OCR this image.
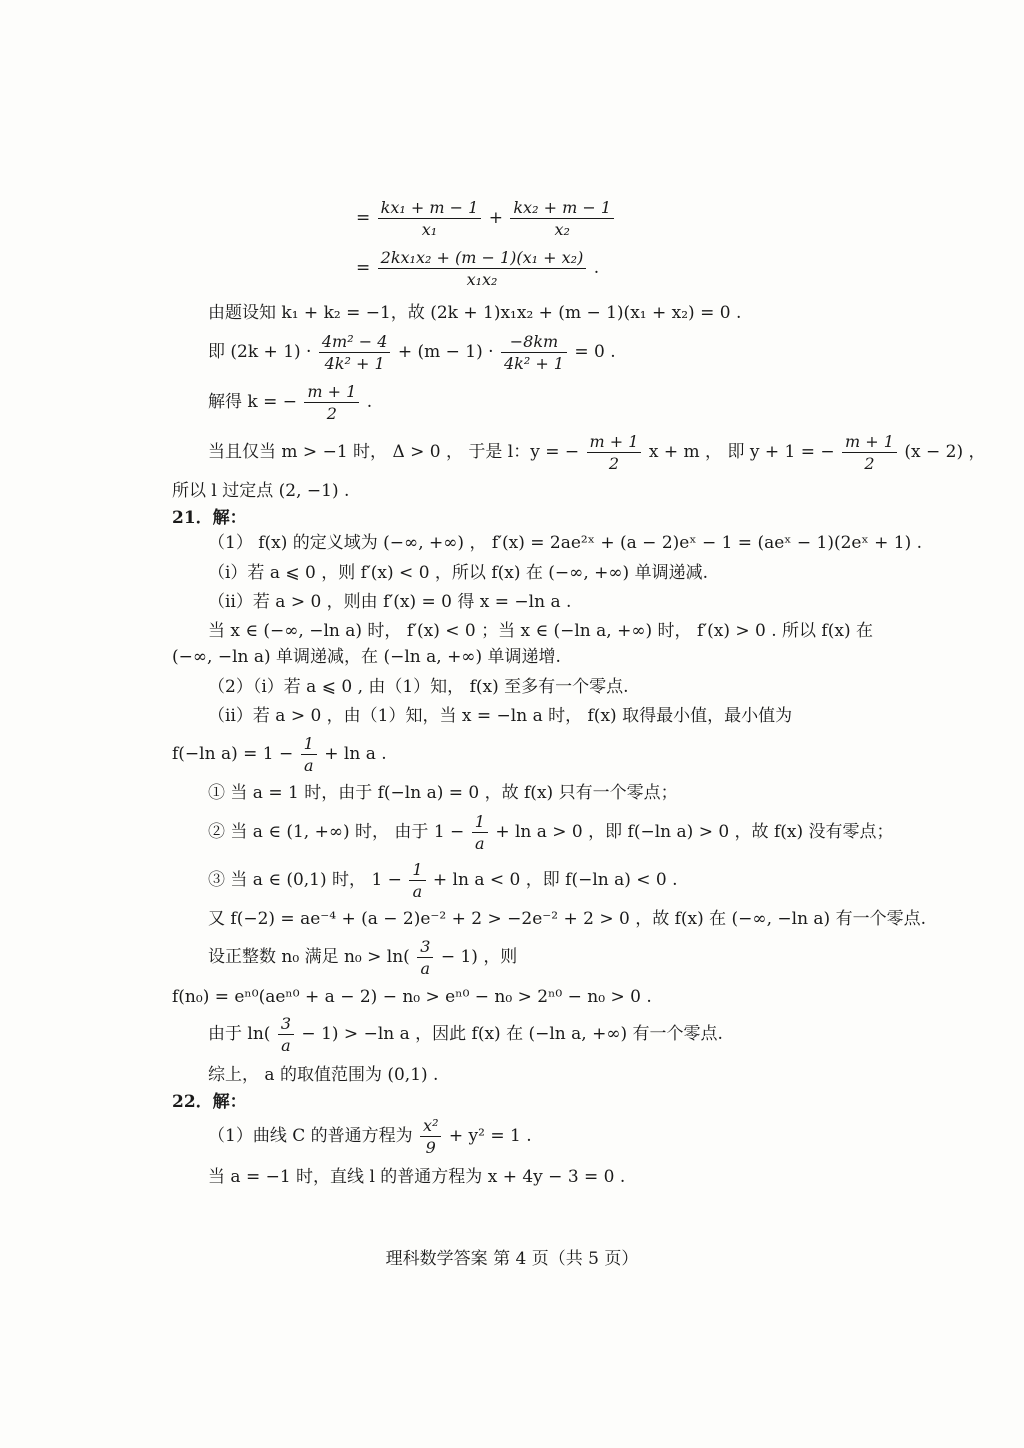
= $\frac{\text{kx₁ + m − 1}}{\text{x₁}} + \frac{\text{kx₂ + m − 1}}{\text{x₂}}$
= $\frac{\text{2kx₁x₂ + (m − 1)(x₁ + x₂)}}{\text{x₁x₂}}$ .
由题设知 k₁ + k₂ = −1，故 (2k + 1)x₁x₂ + (m − 1)(x₁ + x₂) = 0 .
即 $(2k + 1) \cdot \frac{\text{4m² − 4}}{\text{4k² + 1}} + (m - 1) \cdot \frac{-8km}{\text{4k² + 1}} = 0$ .
解得 k = − $\frac{m + 1}{2}$ .
当且仅当 m > −1 时， Δ > 0 ， 于是 l：y = − $\frac{m + 1}{2}$ x + m ， 即 y + 1 = − $\frac{m + 1}{2} (x - 2)$ ，
所以 l 过定点 (2, −1) .
21．解：
（1） f(x) 的定义域为 (−∞, +∞) ， f′(x) = 2ae²ˣ + (a − 2)eˣ − 1 = (aeˣ − 1)(2eˣ + 1) .
（ⅰ）若 a ⩽ 0 ，则 f′(x) < 0 ，所以 f(x) 在 (−∞, +∞) 单调递减.
（ⅱ）若 a > 0 ，则由 f′(x) = 0 得 x = −ln a .
当 x ∈ (−∞, −ln a) 时， f′(x) < 0 ；当 x ∈ (−ln a, +∞) 时， f′(x) > 0 . 所以 f(x) 在
(−∞, −ln a) 单调递减，在 (−ln a, +∞) 单调递增.
（2）（ⅰ）若 a ⩽ 0 , 由（1）知， f(x) 至多有一个零点.
（ⅱ）若 a > 0 ，由（1）知，当 x = −ln a 时， f(x) 取得最小值，最小值为
f(−ln $a) = 1 - \frac{1}{a} + \ln a$ .
① 当 a = 1 时，由于 f(−ln a) = 0 ，故 f(x) 只有一个零点；
② 当 a ∈ (1, +∞) 时， 由于 $1 - \frac{1}{a} + \ln a > 0$ ，即 f(−ln a) > 0 ，故 f(x) 没有零点；
③ 当 a ∈ (0,1) 时， $1 - \frac{1}{a} + \ln a < 0$ ，即 f(−ln a) < 0 .
又 f(−2) = ae⁻⁴ + (a − 2)e⁻² + 2 > −2e⁻² + 2 > 0 ，故 f(x) 在 (−∞, −ln a) 有一个零点.
设正整数 n₀ 满足 $n_0 > \ln( \frac{3}{a} - 1)$ ，则
f(n₀) = eⁿ⁰(aeⁿ⁰ + a − 2) − n₀ > eⁿ⁰ − n₀ > 2ⁿ⁰ − n₀ > 0 .
由于 $\ln( \frac{3}{a} - 1) > -\ln$ a ，因此 f(x) 在 (−ln a, +∞) 有一个零点.
综上， a 的取值范围为 (0,1) .
22．解：
（1）曲线 C 的普通方程为 $\frac{\text{x²}}{9} + y^2 = 1$ .
当 a = −1 时，直线 l 的普通方程为 x + 4y − 3 = 0 .
理科数学答案 第 4 页（共 5 页）
